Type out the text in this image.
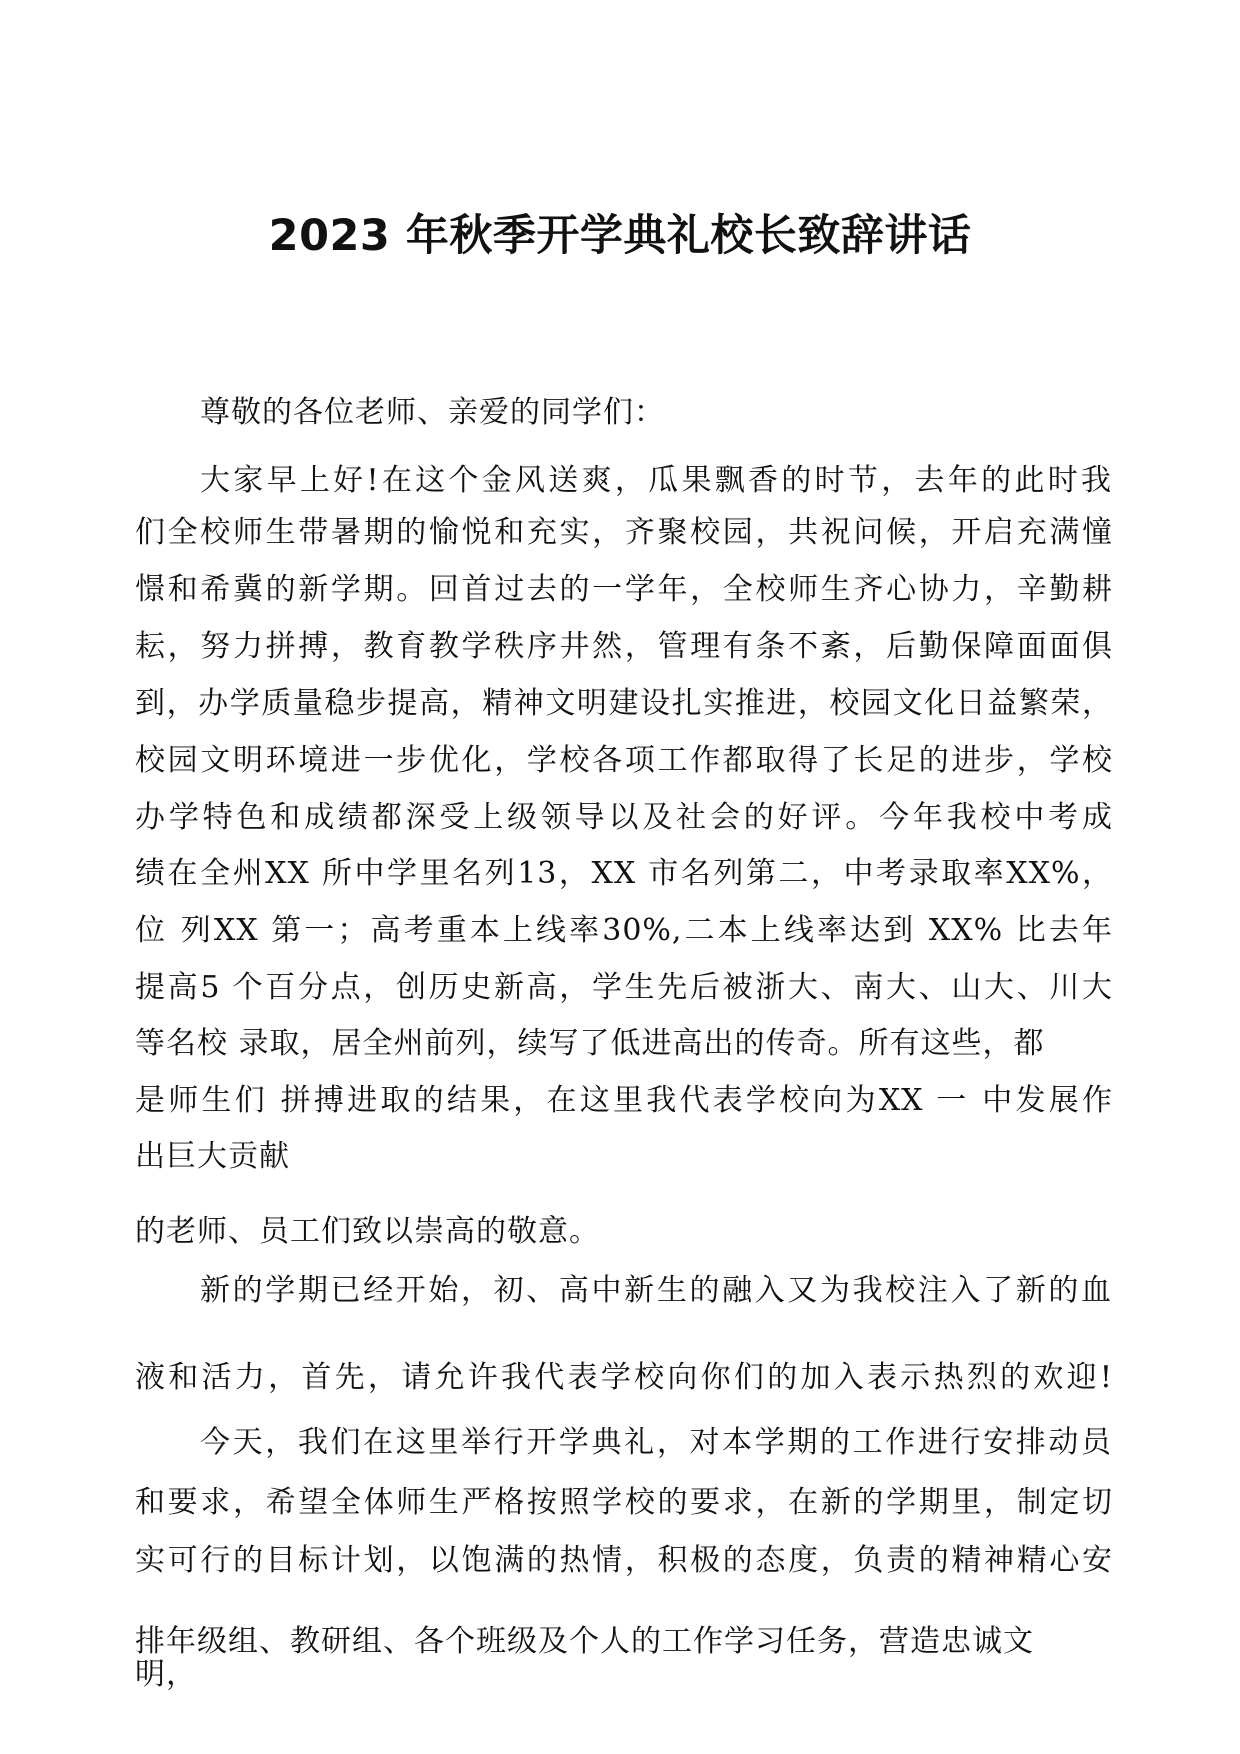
2023 年秋季开学典礼校长致辞讲话
尊敬的各位老师、亲爱的同学们：
大家早上好!在这个金风送爽，瓜果飘香的时节，去年的此时我
们全校师生带暑期的愉悦和充实，齐聚校园，共祝问候，开启充满憧
憬和希冀的新学期。回首过去的一学年，全校师生齐心协力，辛勤耕
耘，努力拼搏，教育教学秩序井然，管理有条不紊，后勤保障面面俱
到，办学质量稳步提高，精神文明建设扎实推进，校园文化日益繁荣，
校园文明环境进一步优化，学校各项工作都取得了长足的进步，学校
办学特色和成绩都深受上级领导以及社会的好评。今年我校中考成
绩在全州XX 所中学里名列13，XX 市名列第二，中考录取率XX%，
位 列XX 第一；高考重本上线率30%,二本上线率达到 XX% 比去年
提高5 个百分点，创历史新高，学生先后被浙大、南大、山大、川大
等名校 录取，居全州前列，续写了低进高出的传奇。所有这些，都
是师生们 拼搏进取的结果，在这里我代表学校向为XX 一 中发展作
出巨大贡献
的老师、员工们致以崇高的敬意。
新的学期已经开始，初、高中新生的融入又为我校注入了新的血
液和活力，首先，请允许我代表学校向你们的加入表示热烈的欢迎!
今天，我们在这里举行开学典礼，对本学期的工作进行安排动员
和要求，希望全体师生严格按照学校的要求，在新的学期里，制定切
实可行的目标计划，以饱满的热情，积极的态度，负责的精神精心安
排年级组、教研组、各个班级及个人的工作学习任务，营造忠诚文
明，
